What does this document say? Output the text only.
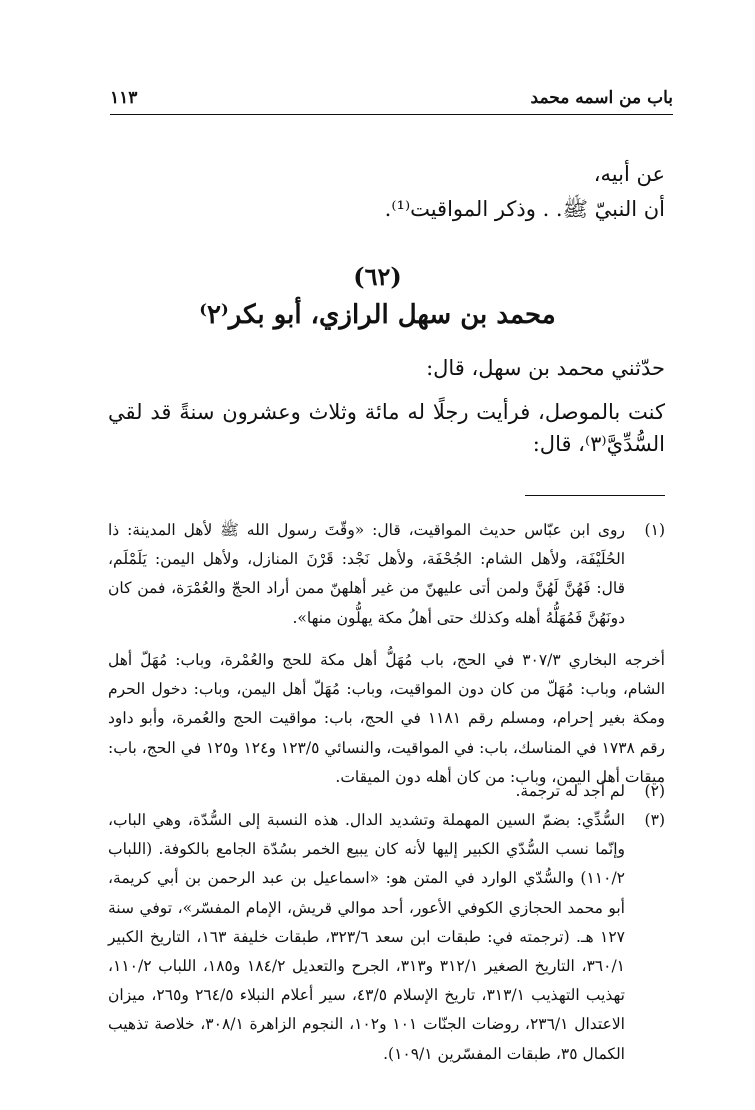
باب من اسمه محمد
١١٣
عن أبيه،
أن النبيّ ﷺ. . وذكر المواقيت⁽¹⁾.
(٦٢)
محمد بن سهل الرازي، أبو بكر⁽٢⁾
حدّثني محمد بن سهل، قال:
كنت بالموصل، فرأيت رجلًا له مائة وثلاث وعشرون سنةً قد لقي
السُّدِّيَّ⁽٣⁾، قال:
(١)
روى ابن عبّاس حديث المواقيت، قال: «وقّتَ رسول الله ﷺ لأهل المدينة: ذا الحُلَيْفَة، ولأهل الشام: الجُحْفَة، ولأهل نَجْد: قَرْنَ المنازل، ولأهل اليمن: يَلَمْلَم، قال: فَهُنَّ لَهُنَّ ولمن أتى عليهنّ من غير أهلهنّ ممن أراد الحجّ والعُمْرَة، فمن كان دونَهُنَّ فَمُهَلُّهُ أهله وكذلك حتى أهلُ مكة يهلُّون منها».
أخرجه البخاري ٣٠٧/٣ في الحج، باب مُهَلُّ أهل مكة للحج والعُمْرة، وباب: مُهَلّ أهل الشام، وباب: مُهَلّ من كان دون المواقيت، وباب: مُهَلّ أهل اليمن، وباب: دخول الحرم ومكة بغير إحرام، ومسلم رقم ١١٨١ في الحج، باب: مواقيت الحج والعُمرة، وأبو داود رقم ١٧٣٨ في المناسك، باب: في المواقيت، والنسائي ١٢٣/٥ و١٢٤ و١٢٥ في الحج، باب: ميقات أهل اليمن، وباب: من كان أهله دون الميقات.
(٢)
لم أجد له ترجمة.
(٣)
السُّدِّي: بضمّ السين المهملة وتشديد الدال. هذه النسبة إلى السُّدّة، وهي الباب، وإنّما نسب السُّدّي الكبير إليها لأنه كان يبيع الخمر بسُدّة الجامع بالكوفة. (اللباب ١١٠/٢) والسُّدّي الوارد في المتن هو: «اسماعيل بن عبد الرحمن بن أبي كريمة، أبو محمد الحجازي الكوفي الأعور، أحد موالي قريش، الإمام المفسّر»، توفي سنة ١٢٧ هـ. (ترجمته في: طبقات ابن سعد ٣٢٣/٦، طبقات خليفة ١٦٣، التاريخ الكبير ٣٦٠/١، التاريخ الصغير ٣١٢/١ و٣١٣، الجرح والتعديل ١٨٤/٢ و١٨٥، اللباب ١١٠/٢، تهذيب التهذيب ٣١٣/١، تاريخ الإسلام ٤٣/٥، سير أعلام النبلاء ٢٦٤/٥ و٢٦٥، ميزان الاعتدال ٢٣٦/١، روضات الجنّات ١٠١ و١٠٢، النجوم الزاهرة ٣٠٨/١، خلاصة تذهيب الكمال ٣٥، طبقات المفسّرين ١٠٩/١).
